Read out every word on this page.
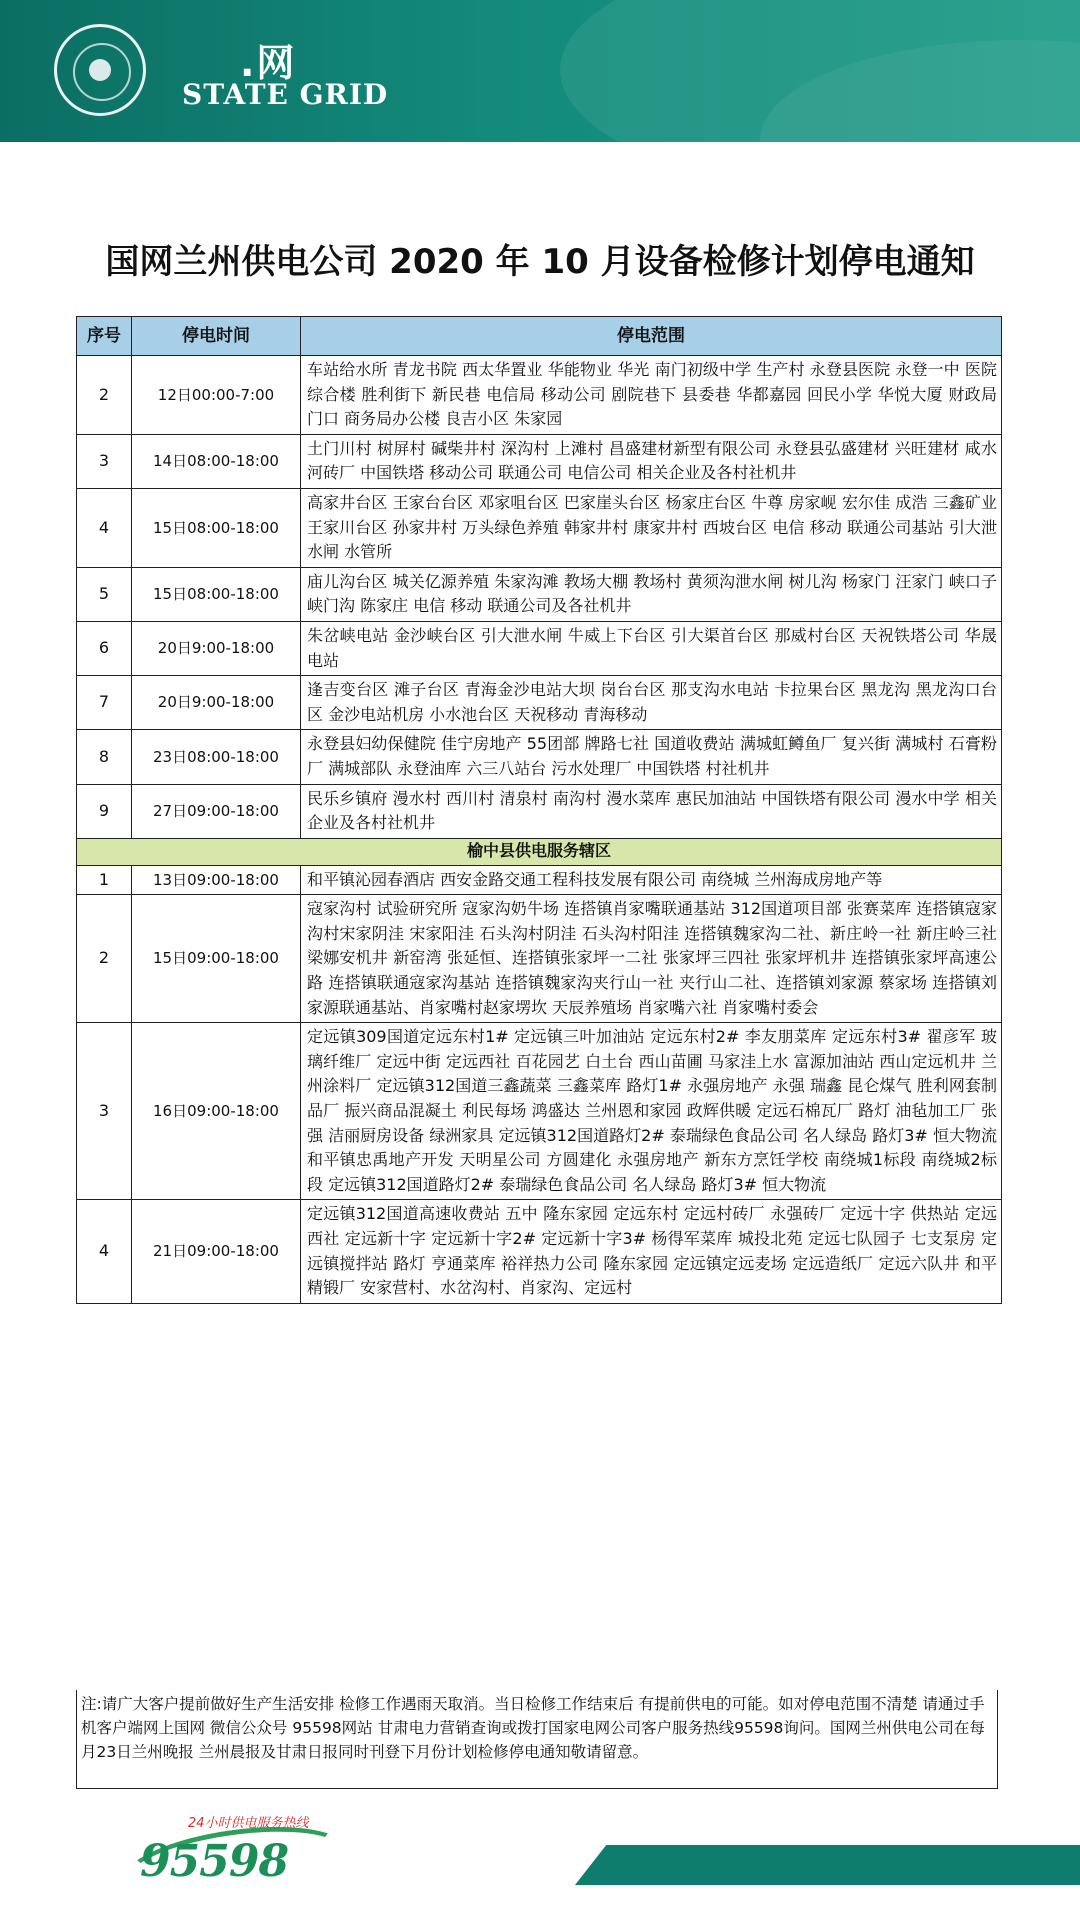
.网
STATE GRID
国网兰州供电公司 2020 年 10 月设备检修计划停电通知
序号	停电时间	停电范围
2	12日00:00-7:00	车站给水所 青龙书院 西太华置业 华能物业 华光 南门初级中学 生产村 永登县医院 永登一中 医院综合楼 胜利街下 新民巷 电信局 移动公司 剧院巷下 县委巷 华都嘉园 回民小学 华悦大厦 财政局门口 商务局办公楼 良吉小区 朱家园
3	14日08:00-18:00	土门川村 树屏村 碱柴井村 深沟村 上滩村 昌盛建材新型有限公司 永登县弘盛建材 兴旺建材 咸水河砖厂 中国铁塔 移动公司 联通公司 电信公司 相关企业及各村社机井
4	15日08:00-18:00	高家井台区 王家台台区 邓家咀台区 巴家崖头台区 杨家庄台区 牛尊 房家岘 宏尔佳 成浩 三鑫矿业 王家川台区 孙家井村 万头绿色养殖 韩家井村 康家井村 西坡台区 电信 移动 联通公司基站 引大泄水闸 水管所
5	15日08:00-18:00	庙儿沟台区 城关亿源养殖 朱家沟滩 教场大棚 教场村 黄须沟泄水闸 树儿沟 杨家门 汪家门 峡口子 峡门沟 陈家庄 电信 移动 联通公司及各社机井
6	20日9:00-18:00	朱岔峡电站 金沙峡台区 引大泄水闸 牛威上下台区 引大渠首台区 那威村台区 天祝铁塔公司 华晟电站
7	20日9:00-18:00	逢吉变台区 滩子台区 青海金沙电站大坝 岗台台区 那支沟水电站 卡拉果台区 黑龙沟 黑龙沟口台区 金沙电站机房 小水池台区 天祝移动 青海移动
8	23日08:00-18:00	永登县妇幼保健院 佳宁房地产 55团部 牌路七社 国道收费站 满城虹鳟鱼厂 复兴街 满城村 石膏粉厂 满城部队 永登油库 六三八站台 污水处理厂 中国铁塔 村社机井
9	27日09:00-18:00	民乐乡镇府 漫水村 西川村 清泉村 南沟村 漫水菜库 惠民加油站 中国铁塔有限公司 漫水中学 相关企业及各村社机井
榆中县供电服务辖区		
1	13日09:00-18:00	和平镇沁园春酒店 西安金路交通工程科技发展有限公司 南绕城 兰州海成房地产等
2	15日09:00-18:00	寇家沟村 试验研究所 寇家沟奶牛场 连搭镇肖家嘴联通基站 312国道项目部 张赛菜库 连搭镇寇家沟村宋家阴洼 宋家阳洼 石头沟村阴洼 石头沟村阳洼 连搭镇魏家沟二社、新庄岭一社 新庄岭三社 梁娜安机井 新窑湾 张延恒、连搭镇张家坪一二社 张家坪三四社 张家坪机井 连搭镇张家坪高速公路 连搭镇联通寇家沟基站 连搭镇魏家沟夹行山一社 夹行山二社、连搭镇刘家源 蔡家场 连搭镇刘家源联通基站、肖家嘴村赵家塄坎 天辰养殖场 肖家嘴六社 肖家嘴村委会
3	16日09:00-18:00	定远镇309国道定远东村1# 定远镇三叶加油站 定远东村2# 李友朋菜库 定远东村3# 翟彦军 玻璃纤维厂 定远中街 定远西社 百花园艺 白土台 西山苗圃 马家洼上水 富源加油站 西山定远机井 兰州涂料厂 定远镇312国道三鑫蔬菜 三鑫菜库 路灯1# 永强房地产 永强 瑞鑫 昆仑煤气 胜利网套制品厂 振兴商品混凝土 利民每场 鸿盛达 兰州恩和家园 政辉供暖 定远石棉瓦厂 路灯 油毡加工厂 张强 洁丽厨房设备 绿洲家具 定远镇312国道路灯2# 泰瑞绿色食品公司 名人绿岛 路灯3# 恒大物流 和平镇忠禹地产开发 天明星公司 方圆建化 永强房地产 新东方烹饪学校 南绕城1标段 南绕城2标段 定远镇312国道路灯2# 泰瑞绿色食品公司 名人绿岛 路灯3# 恒大物流
4	21日09:00-18:00	定远镇312国道高速收费站 五中 隆东家园 定远东村 定远村砖厂 永强砖厂 定远十字 供热站 定远西社 定远新十字 定远新十字2# 定远新十字3# 杨得军菜库 城投北苑 定远七队园子 七支泵房 定远镇搅拌站 路灯 亨通菜库 裕祥热力公司 隆东家园 定远镇定远麦场 定远造纸厂 定远六队井 和平精锻厂 安家营村、水岔沟村、肖家沟、定远村
注:请广大客户提前做好生产生活安排 检修工作遇雨天取消。当日检修工作结束后 有提前供电的可能。如对停电范围不清楚 请通过手机客户端网上国网 微信公众号 95598网站 甘肃电力营销查询或拨打国家电网公司客户服务热线95598询问。国网兰州供电公司在每月23日兰州晚报 兰州晨报及甘肃日报同时刊登下月份计划检修停电通知敬请留意。
24小时供电服务热线
95598
